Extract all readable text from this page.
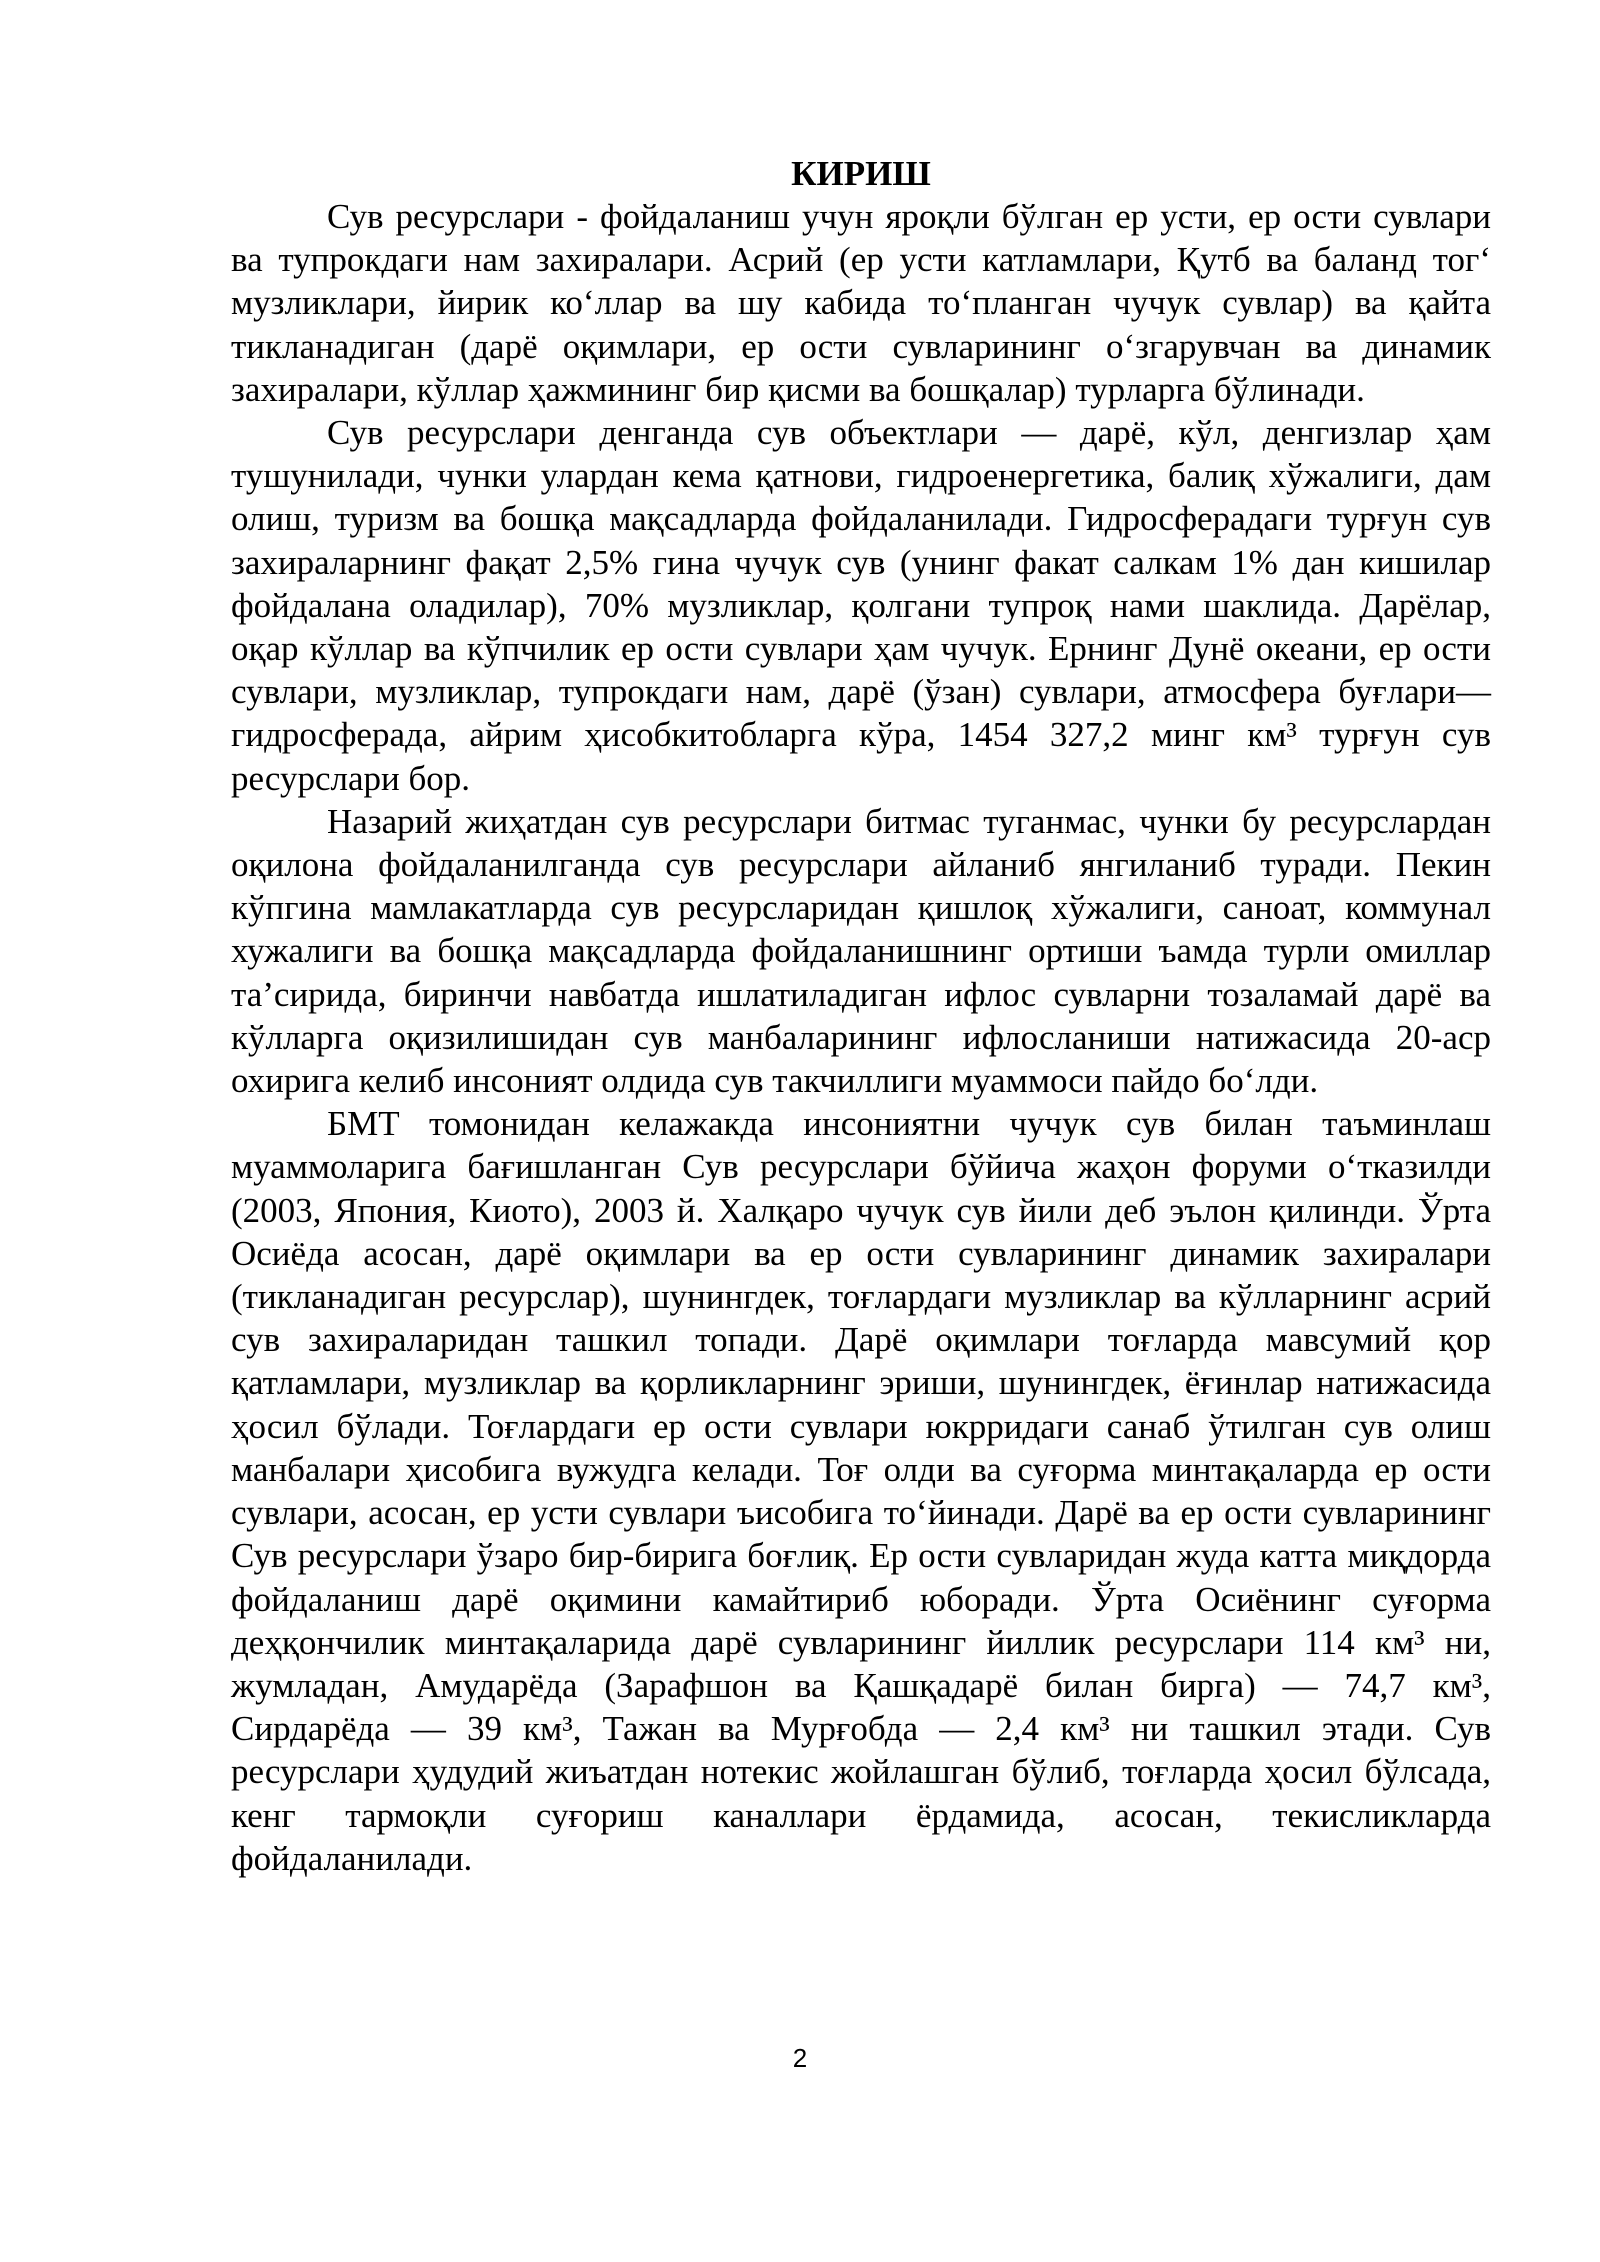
КИРИШ

Сув ресурслари - фойдаланиш учун яроқли бўлган ер усти, ер ости сувлари ва тупрокдаги нам захиралари. Асрий (ер усти катламлари, Қутб ва баланд тог‘ музликлари, йирик ко‘ллар ва шу кабида то‘планган чучук сувлар) ва қайта тикланадиган (дарё оқимлари, ер ости сувларининг о‘згарувчан ва динамик захиралари, кўллар ҳажмининг бир қисми ва бошқалар) турларга бўлинади.

Сув ресурслари денганда сув объектлари — дарё, кўл, денгизлар ҳам тушунилади, чунки улардан кема қатнови, гидроенергетика, балиқ хўжалиги, дам олиш, туризм ва бошқа мақсадларда фойдаланилади. Гидросферадаги турғун сув захираларнинг фақат 2,5% гина чучук сув (унинг факат салкам 1% дан кишилар фойдалана оладилар), 70% музликлар, қолгани тупроқ нами шаклида. Дарёлар, оқар кўллар ва кўпчилик ер ости сувлари ҳам чучук. Ернинг Дунё океани, ер ости сувлари, музликлар, тупрокдаги нам, дарё (ўзан) сувлари, атмосфера буғлари— гидросферада, айрим ҳисобкитобларга кўра, 1454 327,2 минг км³ турғун сув ресурслари бор.

Назарий жиҳатдан сув ресурслари битмас туганмас, чунки бу ресурслардан оқилона фойдаланилганда сув ресурслари айланиб янгиланиб туради. Пекин кўпгина мамлакатларда сув ресурсларидан қишлоқ хўжалиги, саноат, коммунал хужалиги ва бошқа мақсадларда фойдаланишнинг ортиши ъамда турли омиллар та’сирида, биринчи навбатда ишлатиладиган ифлос сувларни тозаламай дарё ва кўлларга оқизилишидан сув манбаларининг ифлосланиши натижасида 20-аср охирига келиб инсоният олдида сув такчиллиги муаммоси пайдо бо‘лди.

БМТ томонидан келажакда инсониятни чучук сув билан таъминлаш муаммоларига бағишланган Сув ресурслари бўйича жаҳон форуми о‘тказилди (2003, Япония, Киото), 2003 й. Халқаро чучук сув йили деб эълон қилинди. Ўрта Осиёда асосан, дарё оқимлари ва ер ости сувларининг динамик захиралари (тикланадиган ресурслар), шунингдек, тоғлардаги музликлар ва кўлларнинг асрий сув захираларидан ташкил топади. Дарё оқимлари тоғларда мавсумий қор қатламлари, музликлар ва қорликларнинг эриши, шунингдек, ёғинлар натижасида ҳосил бўлади. Тоғлардаги ер ости сувлари юкрридаги санаб ўтилган сув олиш манбалари ҳисобига вужудга келади. Тоғ олди ва суғорма минтақаларда ер ости сувлари, асосан, ер усти сувлари ъисобига то‘йинади. Дарё ва ер ости сувларининг Сув ресурслари ўзаро бир-бирига боғлиқ. Ер ости сувларидан жуда катта миқдорда фойдаланиш дарё оқимини камайтириб юборади. Ўрта Осиёнинг суғорма деҳқончилик минтақаларида дарё сувларининг йиллик ресурслари 114 км³ ни, жумладан, Амударёда (Зарафшон ва Қашқадарё билан бирга) — 74,7 км³, Сирдарёда — 39 км³, Тажан ва Мурғобда — 2,4 км³ ни ташкил этади. Сув ресурслари ҳудудий жиъатдан нотекис жойлашган бўлиб, тоғларда ҳосил бўлсада, кенг тармоқли суғориш каналлари ёрдамида, асосан, текисликларда фойдаланилади.

2
